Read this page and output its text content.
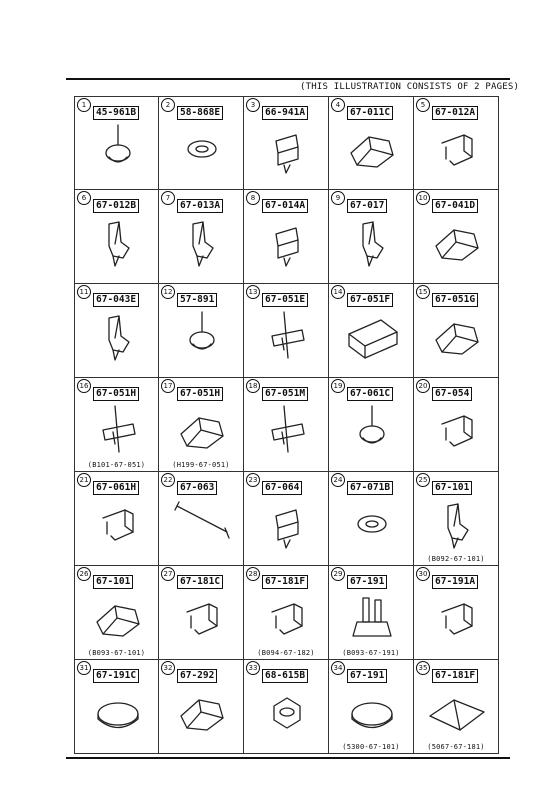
(THIS ILLUSTRATION CONSISTS OF 2 PAGES)
1
45-961B
2
58-868E
3
66-941A
4
67-011C
5
67-012A
6
67-012B
7
67-013A
8
67-014A
9
67-017
10
67-041D
11
67-043E
12
57-891
13
67-051E
14
67-051F
15
67-051G
16
67-051H
(B101-67-051)
17
67-051H
(H199-67-051)
18
67-051M
19
67-061C
20
67-054
21
67-061H
22
67-063
23
67-064
24
67-071B
25
67-101
(B092-67-101)
26
67-101
(B093-67-101)
27
67-181C
28
67-181F
(B094-67-182)
29
67-191
(B093-67-191)
30
67-191A
31
67-191C
32
67-292
33
68-615B
34
67-191
(5300-67-101)
35
67-181F
(5067-67-181)
